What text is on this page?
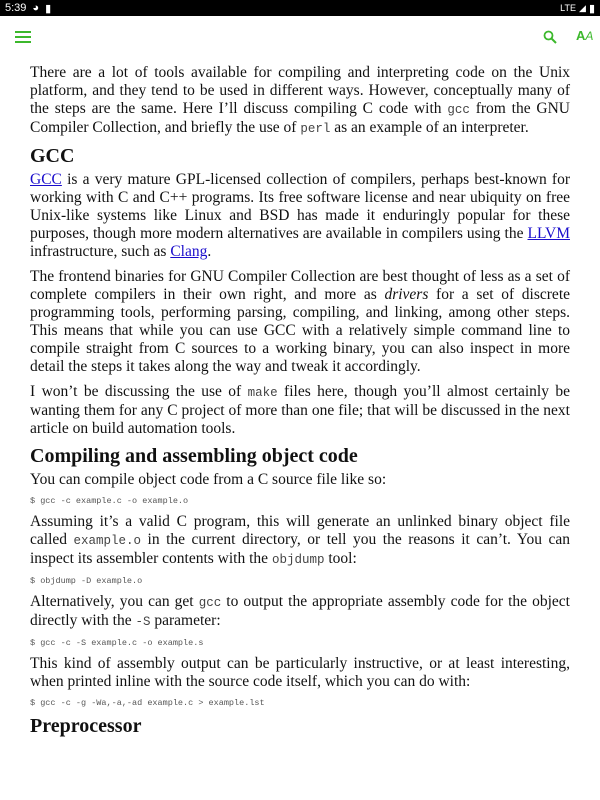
5:39 ◕ ▮	LTE ◢ ▮
AA

There are a lot of tools available for compiling and interpreting code on the Unix platform, and they tend to be used in different ways. However, conceptually many of the steps are the same. Here I’ll discuss compiling C code with gcc from the GNU Compiler Collection, and briefly the use of perl as an example of an interpreter.

GCC

GCC is a very mature GPL-licensed collection of compilers, perhaps best-known for working with C and C++ programs. Its free software license and near ubiquity on free Unix-like systems like Linux and BSD has made it enduringly popular for these purposes, though more modern alternatives are available in compilers using the LLVM infrastructure, such as Clang.

The frontend binaries for GNU Compiler Collection are best thought of less as a set of complete compilers in their own right, and more as drivers for a set of discrete programming tools, performing parsing, compiling, and linking, among other steps. This means that while you can use GCC with a relatively simple command line to compile straight from C sources to a working binary, you can also inspect in more detail the steps it takes along the way and tweak it accordingly.

I won’t be discussing the use of make files here, though you’ll almost certainly be wanting them for any C project of more than one file; that will be discussed in the next article on build automation tools.

Compiling and assembling object code

You can compile object code from a C source file like so:

$ gcc -c example.c -o example.o

Assuming it’s a valid C program, this will generate an unlinked binary object file called example.o in the current directory, or tell you the reasons it can’t. You can inspect its assembler contents with the objdump tool:

$ objdump -D example.o

Alternatively, you can get gcc to output the appropriate assembly code for the object directly with the -S parameter:

$ gcc -c -S example.c -o example.s

This kind of assembly output can be particularly instructive, or at least interesting, when printed inline with the source code itself, which you can do with:

$ gcc -c -g -Wa,-a,-ad example.c > example.lst
Preprocessor
